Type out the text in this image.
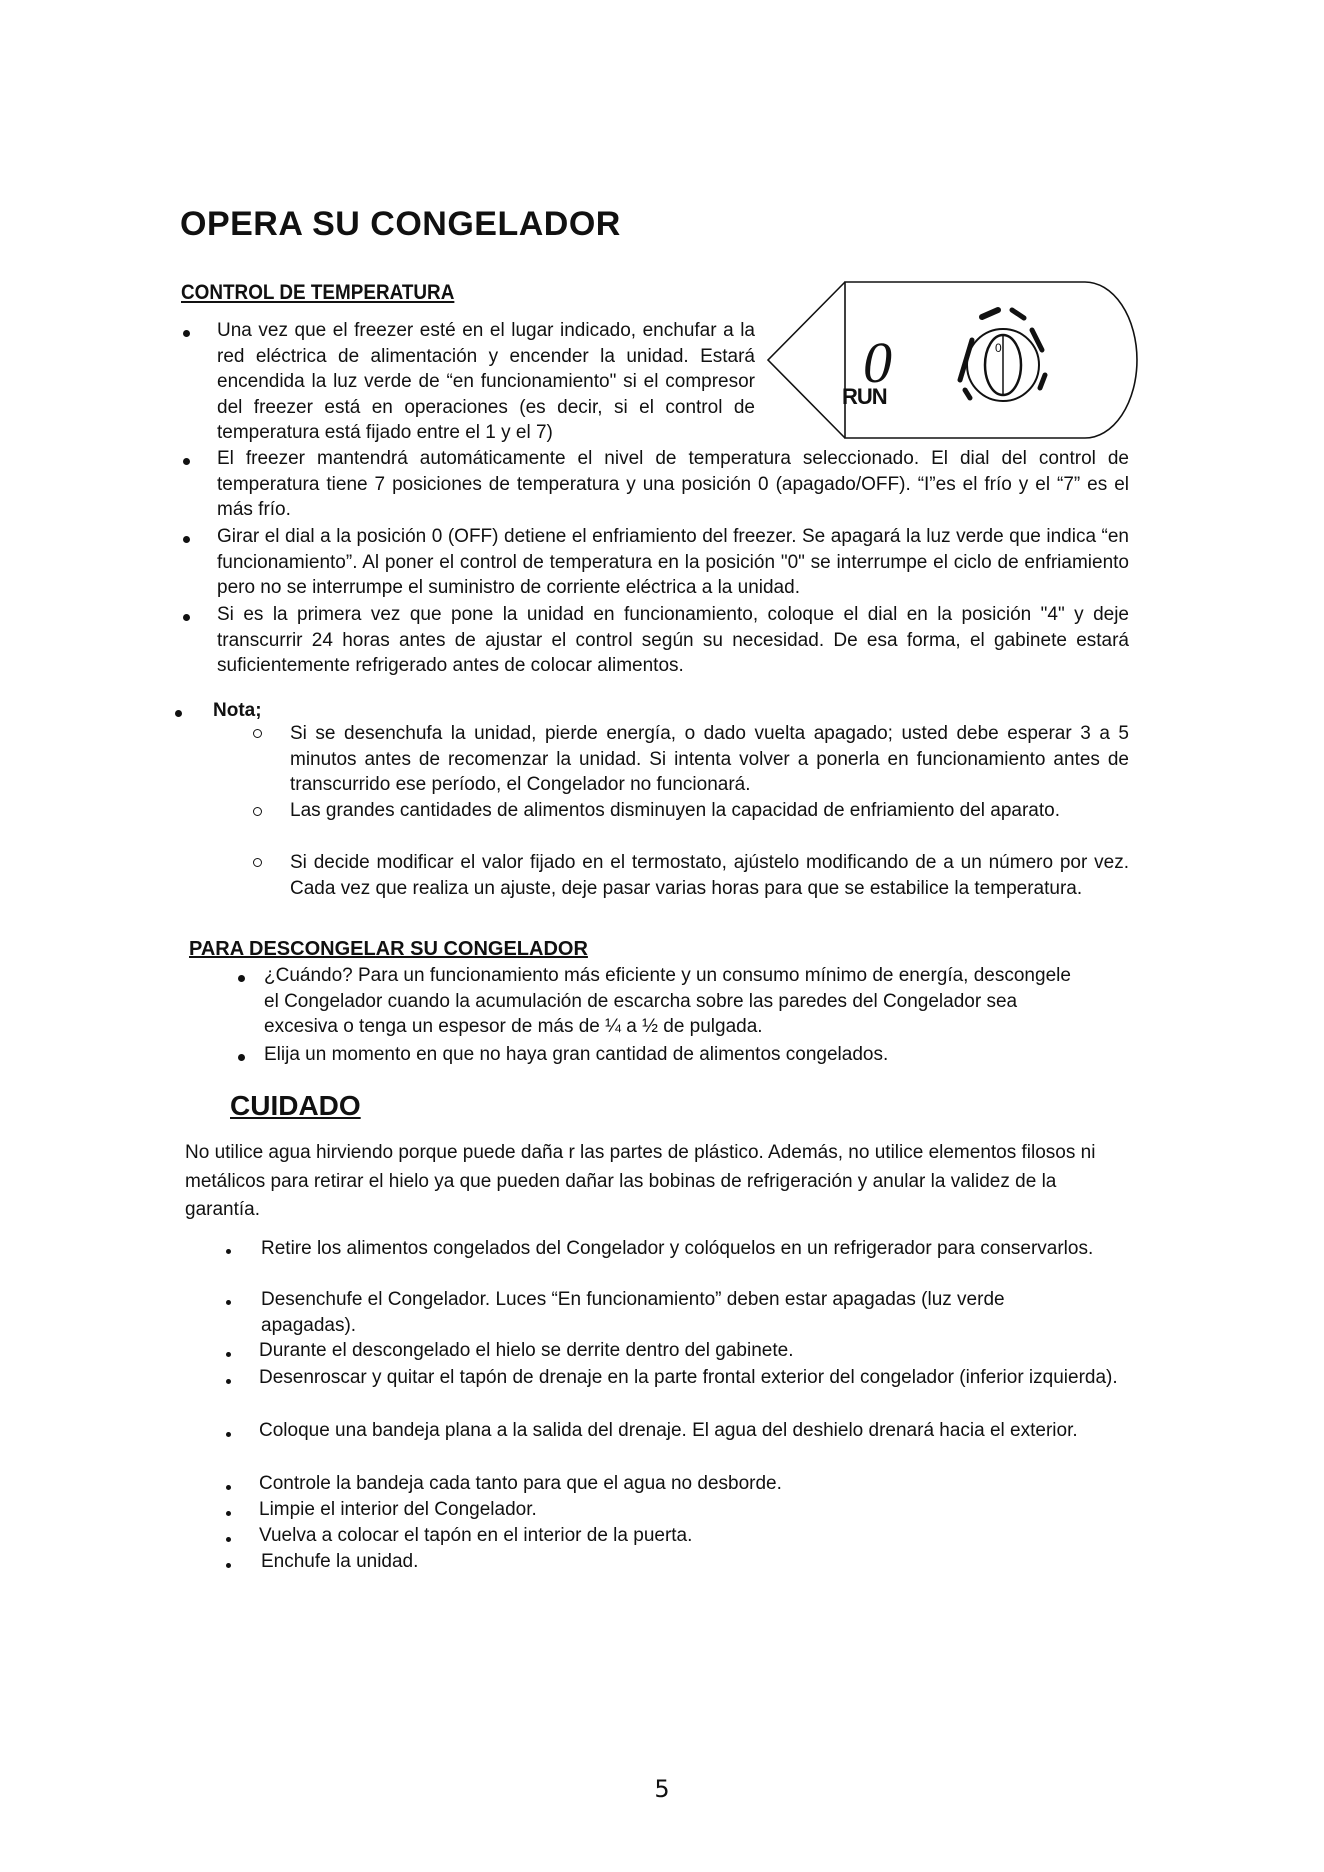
OPERA SU CONGELADOR
CONTROL DE TEMPERATURA
0
RUN
0
Una vez que el freezer esté en el lugar indicado, enchufar a la red eléctrica de alimentación y encender la unidad. Estará encendida la luz verde de “en funcionamiento" si el compresor del freezer está en operaciones (es decir, si el control de temperatura está fijado entre el 1 y el 7)
El freezer mantendrá automáticamente el nivel de temperatura seleccionado. El dial del control de temperatura tiene 7 posiciones de temperatura y una posición 0 (apagado/OFF). “I”es el frío y el “7” es el más frío.
Girar el dial a la posición 0 (OFF) detiene el enfriamiento del freezer. Se apagará la luz verde que indica “en funcionamiento”. Al poner el control de temperatura en la posición "0" se interrumpe el ciclo de enfriamiento pero no se interrumpe el suministro de corriente eléctrica a la unidad.
Si es la primera vez que pone la unidad en funcionamiento, coloque el dial en la posición "4" y deje transcurrir 24 horas antes de ajustar el control según su necesidad. De esa forma, el gabinete estará suficientemente refrigerado antes de colocar alimentos.
Nota;
Si se desenchufa la unidad, pierde energía, o dado vuelta apagado; usted debe esperar 3 a 5 minutos antes de recomenzar la unidad. Si intenta volver a ponerla en funcionamiento antes de transcurrido ese período, el Congelador no funcionará.
Las grandes cantidades de alimentos disminuyen la capacidad de enfriamiento del aparato.
Si decide modificar el valor fijado en el termostato, ajústelo modificando de a un número por vez. Cada vez que realiza un ajuste, deje pasar varias horas para que se estabilice la temperatura.
PARA DESCONGELAR SU CONGELADOR
¿Cuándo? Para un funcionamiento más eficiente y un consumo mínimo de energía, descongele el Congelador cuando la acumulación de escarcha sobre las paredes del Congelador sea excesiva o tenga un espesor de más de ¼ a ½ de pulgada.
Elija un momento en que no haya gran cantidad de alimentos congelados.
CUIDADO
No utilice agua hirviendo porque puede daña r las partes de plástico. Además, no utilice elementos filosos ni metálicos para retirar el hielo ya que pueden dañar las bobinas de refrigeración y anular la validez de la garantía.
Retire los alimentos congelados del Congelador y colóquelos en un refrigerador para conservarlos.
Desenchufe el Congelador. Luces “En funcionamiento” deben estar apagadas (luz verde apagadas).
Durante el descongelado el hielo se derrite dentro del gabinete.
Desenroscar y quitar el tapón de drenaje en la parte frontal exterior del congelador (inferior izquierda).
Coloque una bandeja plana a la salida del drenaje. El agua del deshielo drenará hacia el exterior.
Controle la bandeja cada tanto para que el agua no desborde.
Limpie el interior del Congelador.
Vuelva a colocar el tapón en el interior de la puerta.
Enchufe la unidad.
5
